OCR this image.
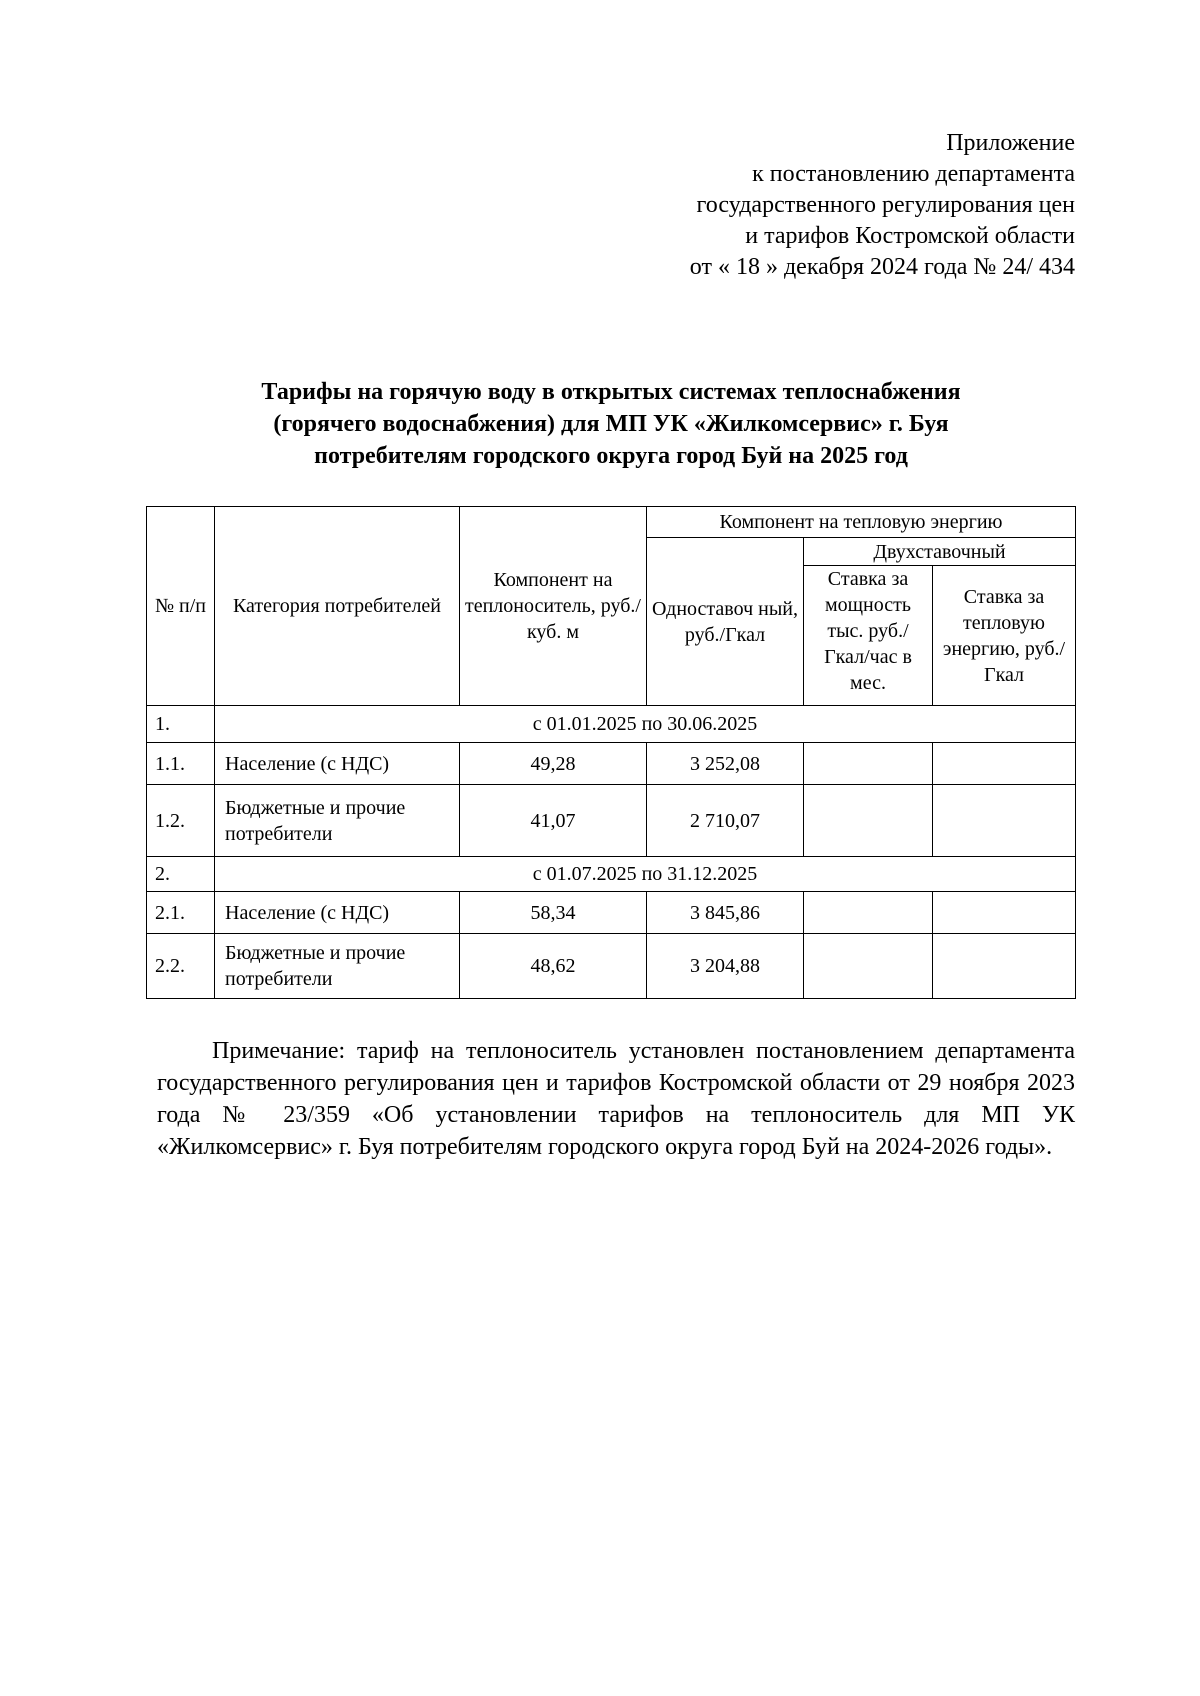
Приложение
к постановлению департамента
государственного регулирования цен
и тарифов Костромской области
от « 18 » декабря 2024 года № 24/ 434
Тарифы на горячую воду в открытых системах теплоснабжения
(горячего водоснабжения) для МП УК «Жилкомсервис» г. Буя
потребителям городского округа город Буй на 2025 год
№ п/п	Категория потребителей	Компонент на теплоноситель, руб./куб. м	Компонент на тепловую энергию		
			Одноставоч ный, руб./Гкал	Двухставочный	
				Ставка за мощность тыс. руб./ Гкал/час в мес.	Ставка за тепловую энергию, руб./Гкал
1.	с 01.01.2025 по 30.06.2025				
1.1.	Население (с НДС)	49,28	3 252,08		
1.2.	Бюджетные и прочие потребители	41,07	2 710,07		
2.	с 01.07.2025 по 31.12.2025				
2.1.	Население (с НДС)	58,34	3 845,86		
2.2.	Бюджетные и прочие потребители	48,62	3 204,88		
Примечание: тариф на теплоноситель установлен постановлением департамента государственного регулирования цен и тарифов Костромской области от 29 ноября 2023 года № 23/359 «Об установлении тарифов на теплоноситель для МП УК «Жилкомсервис» г. Буя потребителям городского округа город Буй на 2024-2026 годы».
